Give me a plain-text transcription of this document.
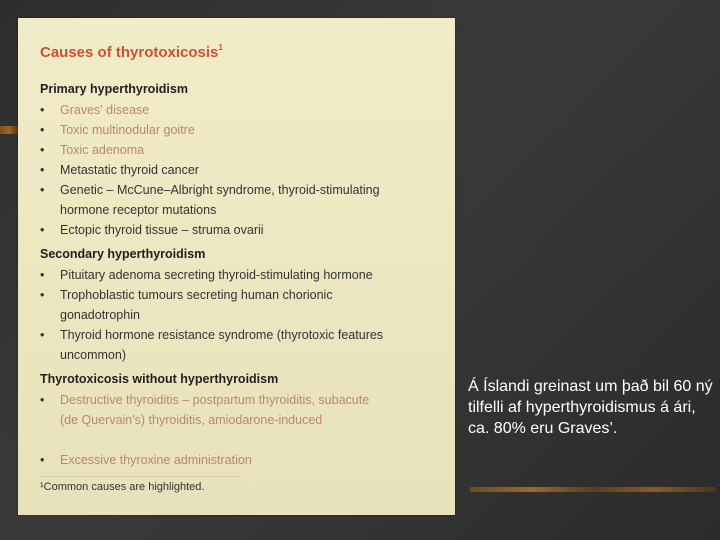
Causes of thyrotoxicosis$^1$
Primary hyperthyroidism

•	Graves' disease

•	Toxic multinodular goitre

•	Toxic adenoma

•	Metastatic thyroid cancer

•	Genetic – McCune–Albright syndrome, thyroid-stimulating hormone receptor mutations

•	Ectopic thyroid tissue – struma ovarii

Secondary hyperthyroidism

•	Pituitary adenoma secreting thyroid-stimulating hormone

•	Trophoblastic tumours secreting human chorionic gonadotrophin

•	Thyroid hormone resistance syndrome (thyrotoxic features uncommon)

Thyrotoxicosis without hyperthyroidism

•	Destructive thyroiditis – postpartum thyroiditis, subacute (de Quervain's) thyroiditis, amiodarone-induced

•	Excessive thyroxine administration

¹Common causes are highlighted.

Á Íslandi greinast um það bil 60 ný tilfelli af hyperthyroidismus á ári, ca. 80% eru Graves’.
